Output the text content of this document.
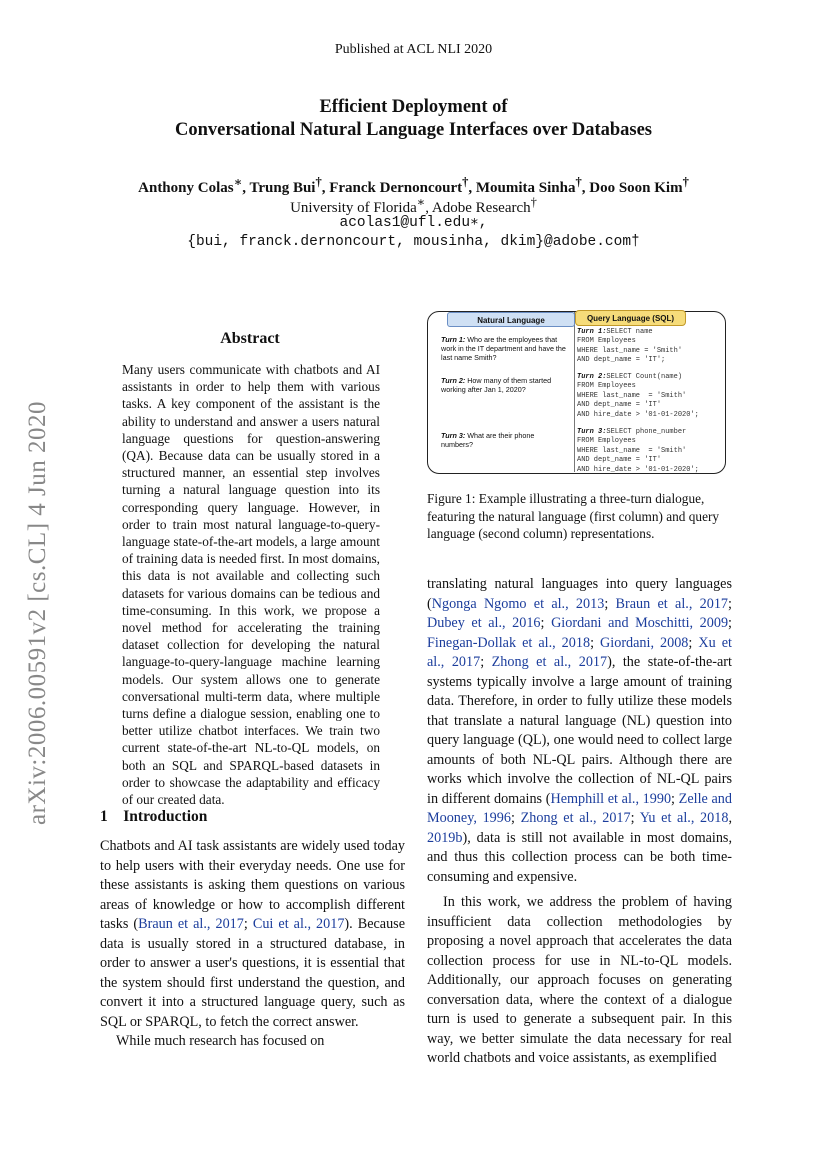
Published at ACL NLI 2020
Efficient Deployment of
Conversational Natural Language Interfaces over Databases
Anthony Colas∗, Trung Bui†, Franck Dernoncourt†, Moumita Sinha†, Doo Soon Kim†
University of Florida∗, Adobe Research†
acolas1@ufl.edu∗,
{bui, franck.dernoncourt, mousinha, dkim}@adobe.com†
arXiv:2006.00591v2 [cs.CL] 4 Jun 2020
Abstract
Many users communicate with chatbots and AI assistants in order to help them with various tasks. A key component of the assistant is the ability to understand and answer a users natural language questions for question-answering (QA). Because data can be usually stored in a structured manner, an essential step involves turning a natural language question into its corresponding query language. However, in order to train most natural language-to-query-language state-of-the-art models, a large amount of training data is needed first. In most domains, this data is not available and collecting such datasets for various domains can be tedious and time-consuming. In this work, we propose a novel method for accelerating the training dataset collection for developing the natural language-to-query-language machine learning models. Our system allows one to generate conversational multi-term data, where multiple turns define a dialogue session, enabling one to better utilize chatbot interfaces. We train two current state-of-the-art NL-to-QL models, on both an SQL and SPARQL-based datasets in order to showcase the adaptability and efficacy of our created data.
1 Introduction

Chatbots and AI task assistants are widely used today to help users with their everyday needs. One use for these assistants is asking them questions on various areas of knowledge or how to accomplish different tasks (Braun et al., 2017; Cui et al., 2017). Because data is usually stored in a structured database, in order to answer a user's questions, it is essential that the system should first understand the question, and convert it into a structured language query, such as SQL or SPARQL, to fetch the correct answer.

While much research has focused on

Natural Language	Query Language (SQL)
Turn 1: Who are the employees that work in the IT department and have the last name Smith?
Turn 1:SELECT name
FROM Employees
WHERE last_name = 'Smith'
AND dept_name = 'IT';
Turn 2: How many of them started working after Jan 1, 2020?
Turn 2:SELECT Count(name)
FROM Employees
WHERE last_name  = 'Smith'
AND dept_name = 'IT'
AND hire_date > '01-01-2020';
Turn 3: What are their phone numbers?
Turn 3:SELECT phone_number
FROM Employees
WHERE last_name  = 'Smith'
AND dept_name = 'IT'
AND hire_date > '01-01-2020';
Figure 1: Example illustrating a three-turn dialogue, featuring the natural language (first column) and query language (second column) representations.

translating natural languages into query languages (Ngonga Ngomo et al., 2013; Braun et al., 2017; Dubey et al., 2016; Giordani and Moschitti, 2009; Finegan-Dollak et al., 2018; Giordani, 2008; Xu et al., 2017; Zhong et al., 2017), the state-of-the-art systems typically involve a large amount of training data. Therefore, in order to fully utilize these models that translate a natural language (NL) question into query language (QL), one would need to collect large amounts of both NL-QL pairs. Although there are works which involve the collection of NL-QL pairs in different domains (Hemphill et al., 1990; Zelle and Mooney, 1996; Zhong et al., 2017; Yu et al., 2018, 2019b), data is still not available in most domains, and thus this collection process can be both time-consuming and expensive.

In this work, we address the problem of having insufficient data collection methodologies by proposing a novel approach that accelerates the data collection process for use in NL-to-QL models. Additionally, our approach focuses on generating conversation data, where the context of a dialogue turn is used to generate a subsequent pair. In this way, we better simulate the data necessary for real world chatbots and voice assistants, as exemplified
